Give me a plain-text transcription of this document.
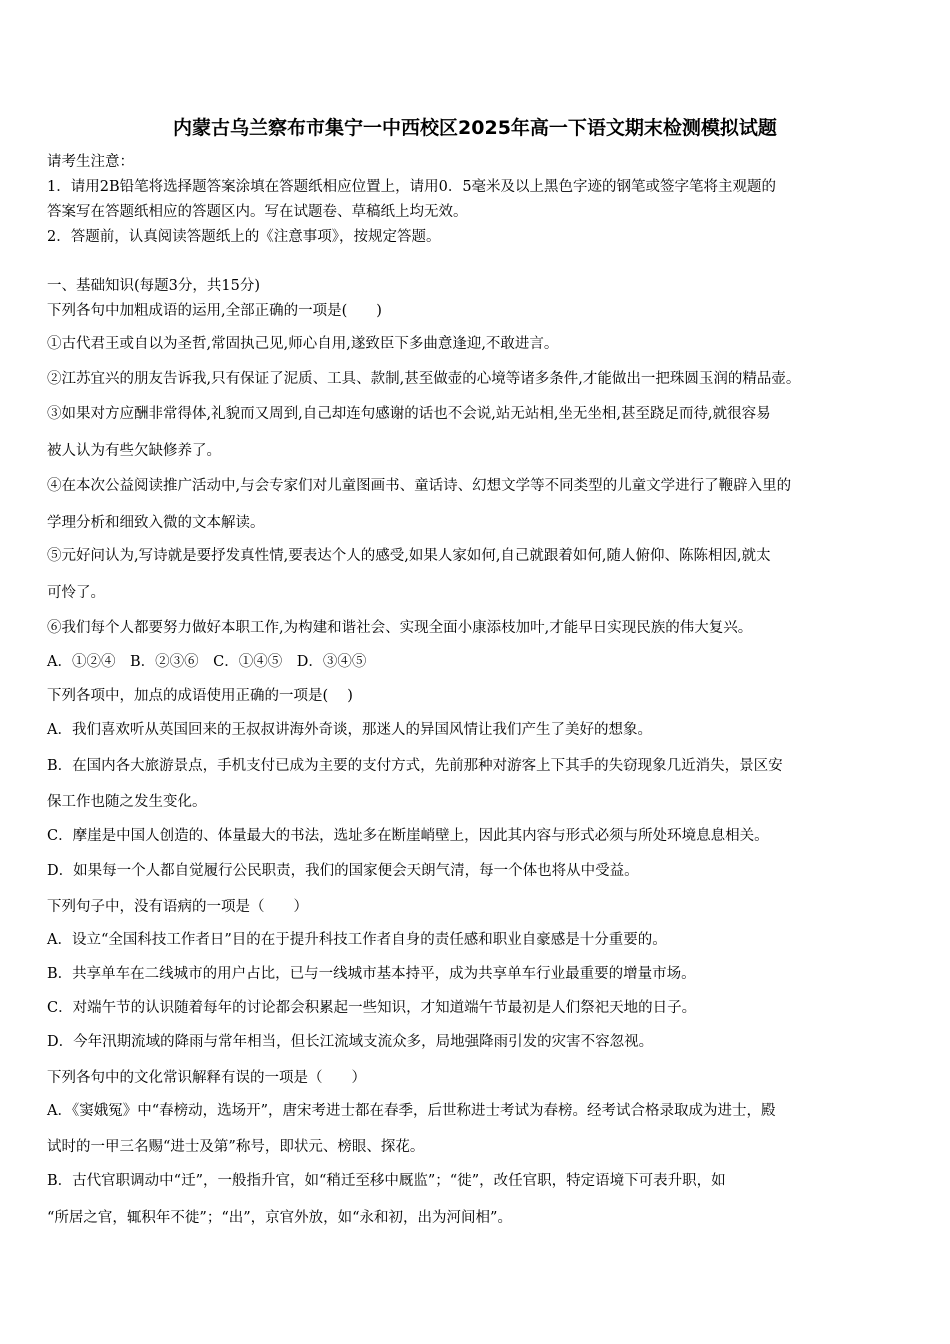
内蒙古乌兰察布市集宁一中西校区2025年高一下语文期末检测模拟试题
请考生注意：
1．请用2B铅笔将选择题答案涂填在答题纸相应位置上，请用0．5毫米及以上黑色字迹的钢笔或签字笔将主观题的
答案写在答题纸相应的答题区内。写在试题卷、草稿纸上均无效。
2．答题前，认真阅读答题纸上的《注意事项》，按规定答题。
一、基础知识(每题3分，共15分)
下列各句中加粗成语的运用,全部正确的一项是(　　)
①古代君王或自以为圣哲,常固执己见,师心自用,遂致臣下多曲意逢迎,不敢进言。
②江苏宜兴的朋友告诉我,只有保证了泥质、工具、款制,甚至做壶的心境等诸多条件,才能做出一把珠圆玉润的精品壶。
③如果对方应酬非常得体,礼貌而又周到,自己却连句感谢的话也不会说,站无站相,坐无坐相,甚至跷足而待,就很容易
被人认为有些欠缺修养了。
④在本次公益阅读推广活动中,与会专家们对儿童图画书、童话诗、幻想文学等不同类型的儿童文学进行了鞭辟入里的
学理分析和细致入微的文本解读。
⑤元好问认为,写诗就是要抒发真性情,要表达个人的感受,如果人家如何,自己就跟着如何,随人俯仰、陈陈相因,就太
可怜了。
⑥我们每个人都要努力做好本职工作,为构建和谐社会、实现全面小康添枝加叶,才能早日实现民族的伟大复兴。
A．①②④　B．②③⑥　C．①④⑤　D．③④⑤
下列各项中，加点的成语使用正确的一项是(　 )
A．我们喜欢听从英国回来的王叔叔讲海外奇谈，那迷人的异国风情让我们产生了美好的想象。
B．在国内各大旅游景点，手机支付已成为主要的支付方式，先前那种对游客上下其手的失窃现象几近消失，景区安
保工作也随之发生变化。
C．摩崖是中国人创造的、体量最大的书法，选址多在断崖峭壁上，因此其内容与形式必须与所处环境息息相关。
D．如果每一个人都自觉履行公民职责，我们的国家便会天朗气清，每一个体也将从中受益。
下列句子中，没有语病的一项是（　　）
A．设立“全国科技工作者日”目的在于提升科技工作者自身的责任感和职业自豪感是十分重要的。
B．共享单车在二线城市的用户占比，已与一线城市基本持平，成为共享单车行业最重要的增量市场。
C．对端午节的认识随着每年的讨论都会积累起一些知识，才知道端午节最初是人们祭祀天地的日子。
D．今年汛期流域的降雨与常年相当，但长江流域支流众多，局地强降雨引发的灾害不容忽视。
下列各句中的文化常识解释有误的一项是（　　）
A．《窦娥冤》中“春榜动，选场开”，唐宋考进士都在春季，后世称进士考试为春榜。经考试合格录取成为进士，殿
试时的一甲三名赐“进士及第”称号，即状元、榜眼、探花。
B．古代官职调动中“迁”，一般指升官，如“稍迁至移中厩监”；“徙”，改任官职，特定语境下可表升职，如
“所居之官，辄积年不徙”；“出”，京官外放，如“永和初，出为河间相”。
